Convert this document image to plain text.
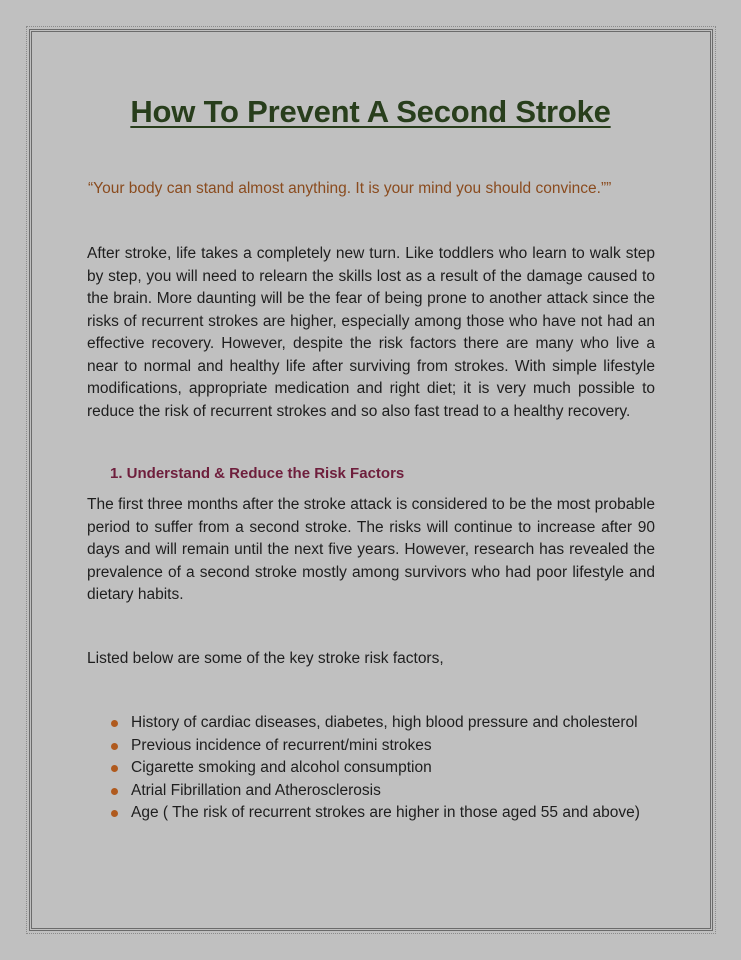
How To Prevent A Second Stroke

“Your body can stand almost anything. It is your mind you should convince.””

After stroke, life takes a completely new turn. Like toddlers who learn to walk step by step, you will need to relearn the skills lost as a result of the damage caused to the brain. More daunting will be the fear of being prone to another attack since the risks of recurrent strokes are higher, especially among those who have not had an effective recovery. However, despite the risk factors there are many who live a near to normal and healthy life after surviving from strokes. With simple lifestyle modifications, appropriate medication and right diet; it is very much possible to reduce the risk of recurrent strokes and so also fast tread to a healthy recovery.

1. Understand & Reduce the Risk Factors

The first three months after the stroke attack is considered to be the most probable period to suffer from a second stroke. The risks will continue to increase after 90 days and will remain until the next five years. However, research has revealed the prevalence of a second stroke mostly among survivors who had poor lifestyle and dietary habits.

Listed below are some of the key stroke risk factors,

History of cardiac diseases, diabetes, high blood pressure and cholesterol
Previous incidence of recurrent/mini strokes
Cigarette smoking and alcohol consumption
Atrial Fibrillation and Atherosclerosis
Age ( The risk of recurrent strokes are higher in those aged 55 and above)
